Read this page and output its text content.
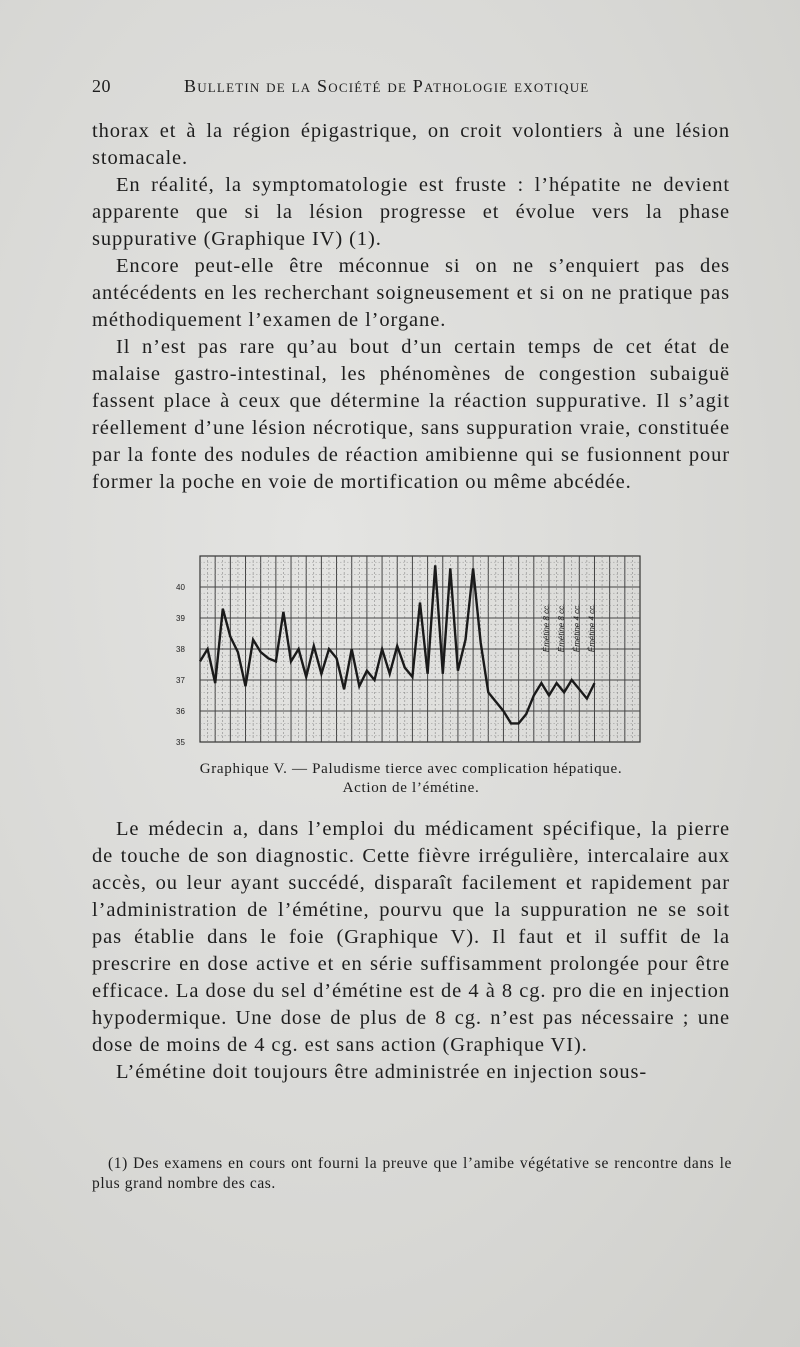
20	Bulletin de la Société de Pathologie exotique

thorax et à la région épigastrique, on croit volontiers à une lésion stomacale.

En réalité, la symptomatologie est fruste : l’hépatite ne devient apparente que si la lésion progresse et évolue vers la phase suppurative (Graphique IV) (1).

Encore peut-elle être méconnue si on ne s’enquiert pas des antécédents en les recherchant soigneusement et si on ne pratique pas méthodiquement l’examen de l’organe.

Il n’est pas rare qu’au bout d’un certain temps de cet état de malaise gastro-intestinal, les phénomènes de congestion subaiguë fassent place à ceux que détermine la réaction suppurative. Il s’agit réellement d’une lésion nécrotique, sans suppuration vraie, constituée par la fonte des nodules de réaction amibienne qui se fusionnent pour former la poche en voie de mortification ou même abcédée.

40
39
38
37
36
35
Émétine 8 cc. Émétine 8 cc. Émétine 4 cc. Émétine 4 cc.
Graphique V. — Paludisme tierce avec complication hépatique.
Action de l’émétine.

Le médecin a, dans l’emploi du médicament spécifique, la pierre de touche de son diagnostic. Cette fièvre irrégulière, intercalaire aux accès, ou leur ayant succédé, disparaît facilement et rapidement par l’administration de l’émétine, pourvu que la suppuration ne se soit pas établie dans le foie (Graphique V). Il faut et il suffit de la prescrire en dose active et en série suffisamment prolongée pour être efficace. La dose du sel d’émétine est de 4 à 8 cg. pro die en injection hypodermique. Une dose de plus de 8 cg. n’est pas nécessaire ; une dose de moins de 4 cg. est sans action (Graphique VI).

L’émétine doit toujours être administrée en injection sous-

(1) Des examens en cours ont fourni la preuve que l’amibe végétative se rencontre dans le plus grand nombre des cas.
